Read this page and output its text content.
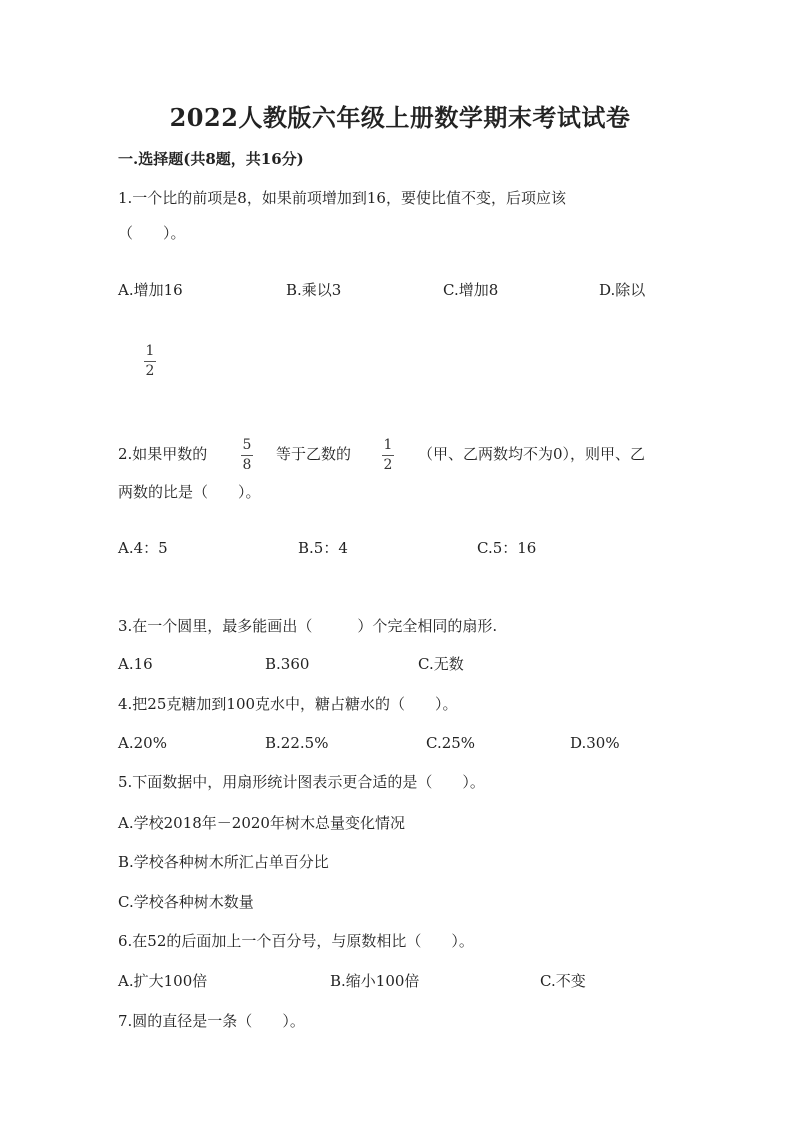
2022人教版六年级上册数学期末考试试卷
一.选择题(共8题，共16分)
1.一个比的前项是8，如果前项增加到16，要使比值不变，后项应该
（　　）。
A.增加16	B.乘以3	C.增加8	D.除以
1
2
2.如果甲数的	5
8
等于乙数的 1
2
（甲、乙两数均不为0），则甲、乙
两数的比是（　　）。
A.4：5	B.5：4	C.5：16
3.在一个圆里，最多能画出（　　　）个完全相同的扇形.
A.16	B.360	C.无数
4.把25克糖加到100克水中，糖占糖水的（　　）。
A.20%	B.22.5%	C.25%	D.30%
5.下面数据中，用扇形统计图表示更合适的是（　　）。
A.学校2018年－2020年树木总量变化情况
B.学校各种树木所汇占单百分比
C.学校各种树木数量
6.在52的后面加上一个百分号，与原数相比（　　）。
A.扩大100倍	B.缩小100倍	C.不变
7.圆的直径是一条（　　）。
